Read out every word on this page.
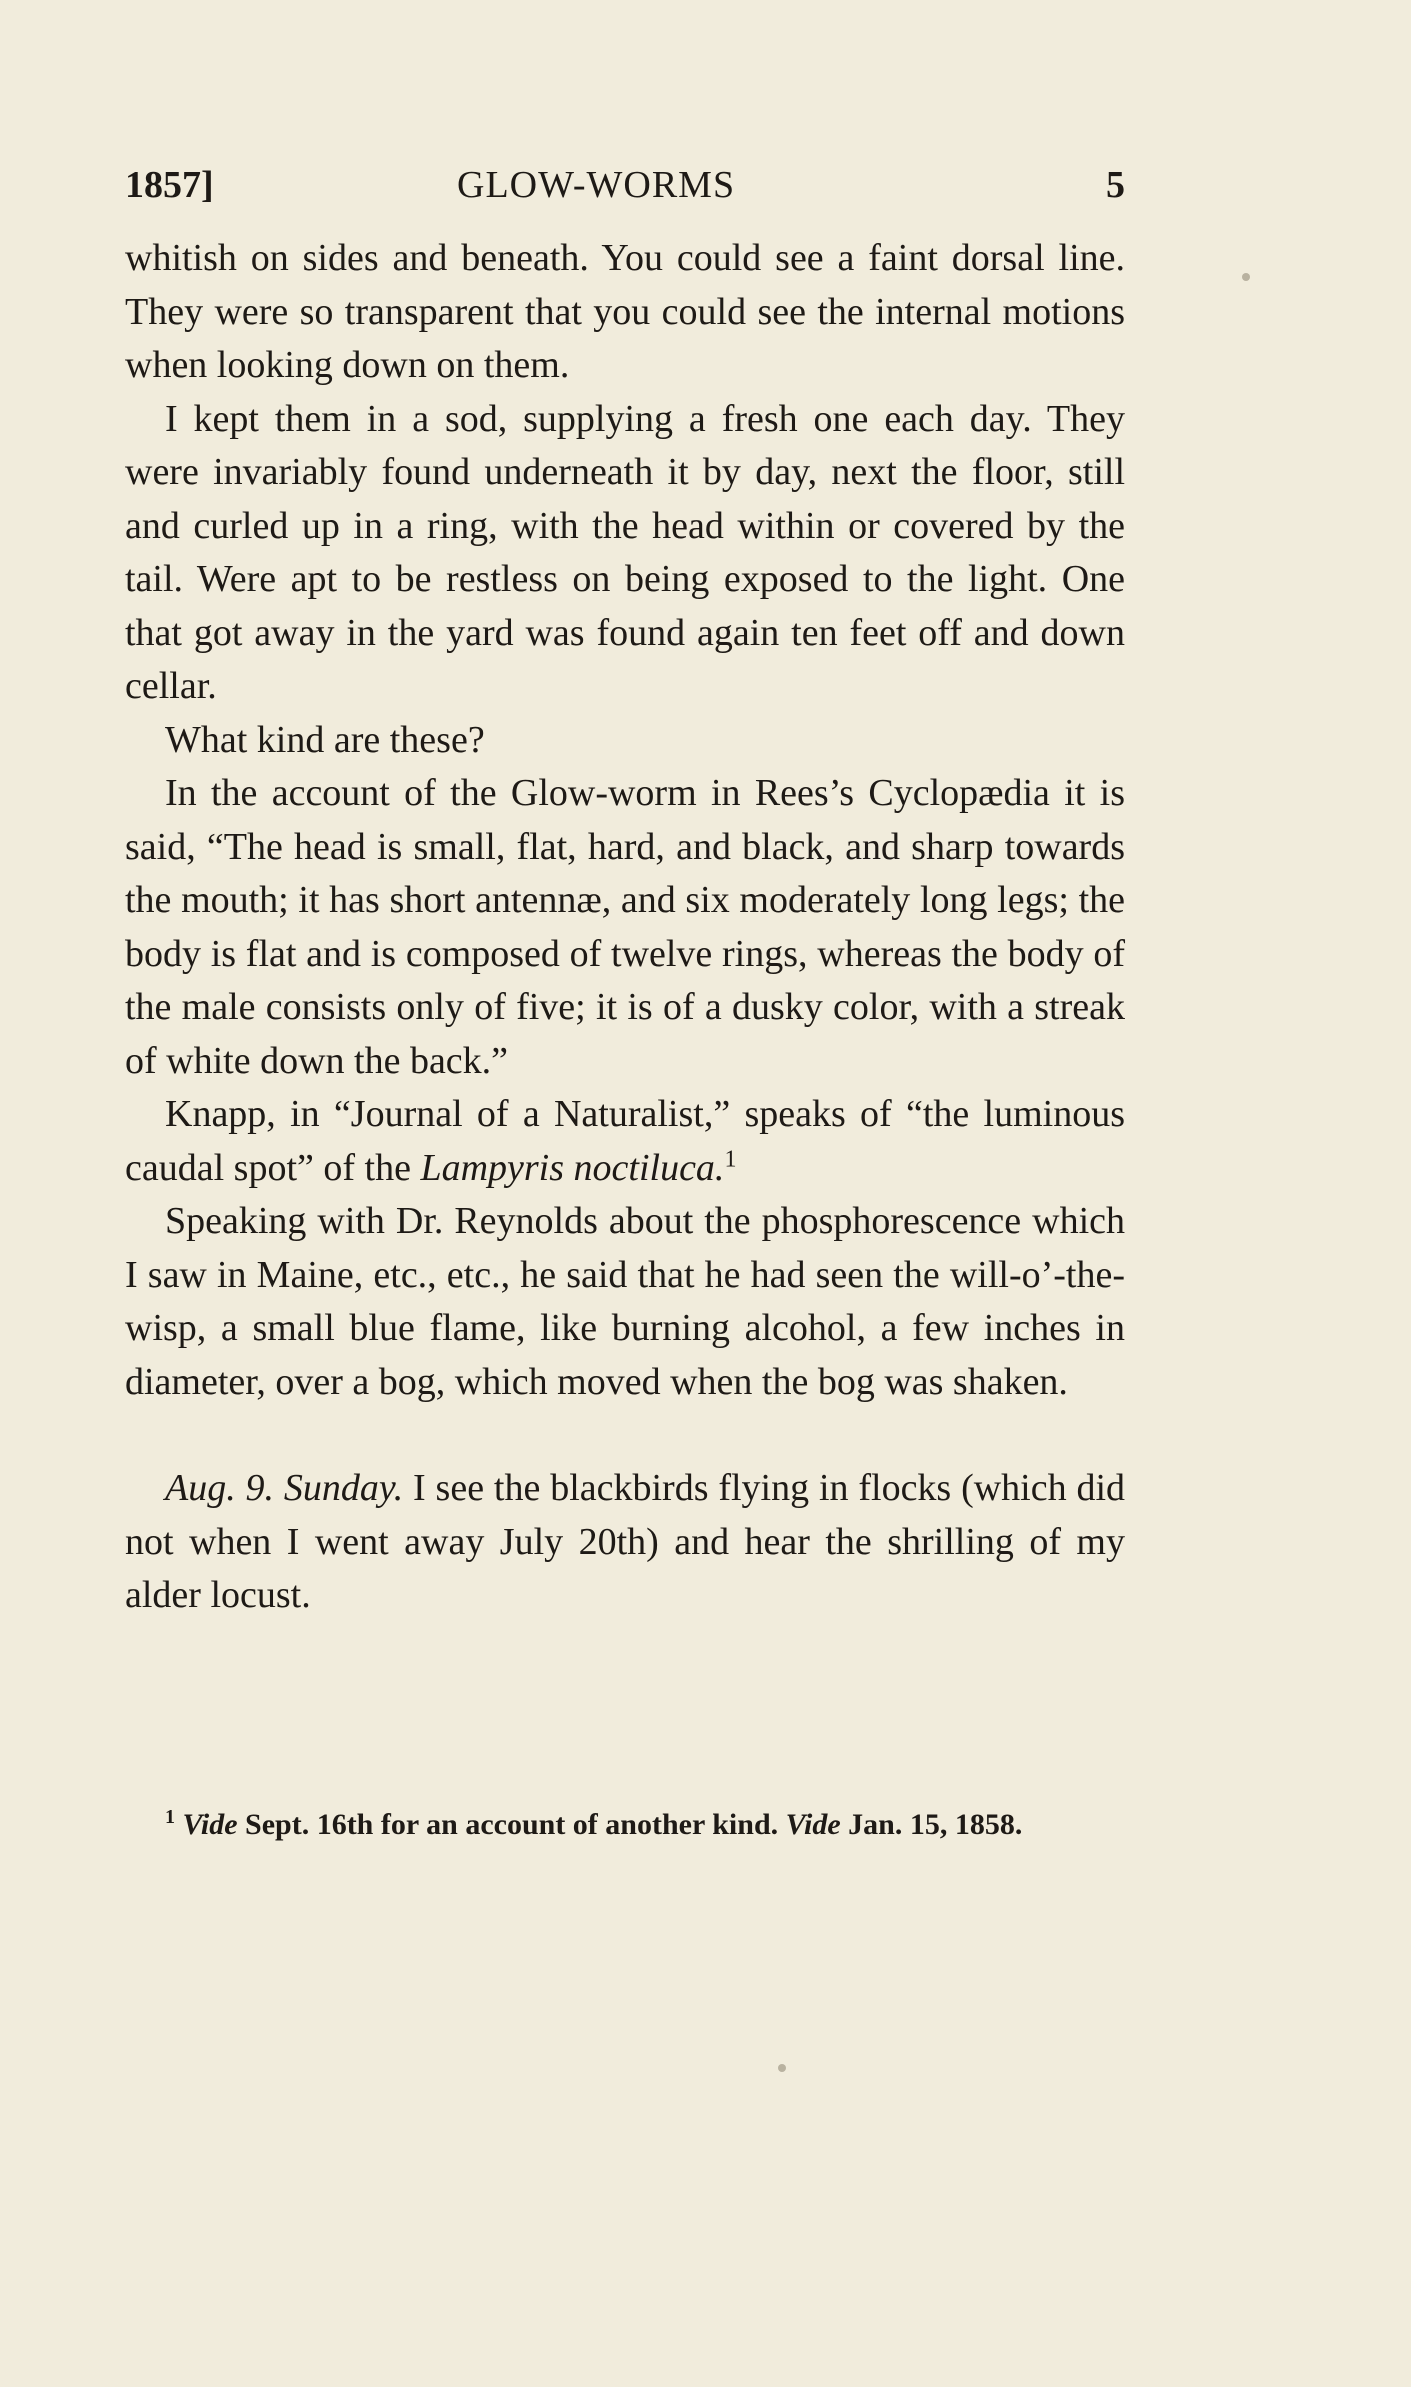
1857]	GLOW-WORMS	5

whitish on sides and beneath. You could see a faint dorsal line. They were so transparent that you could see the internal motions when looking down on them.

I kept them in a sod, supplying a fresh one each day. They were invariably found underneath it by day, next the floor, still and curled up in a ring, with the head within or covered by the tail. Were apt to be restless on being exposed to the light. One that got away in the yard was found again ten feet off and down cellar.

What kind are these?

In the account of the Glow-worm in Rees’s Cyclopædia it is said, “The head is small, flat, hard, and black, and sharp towards the mouth; it has short antennæ, and six moderately long legs; the body is flat and is composed of twelve rings, whereas the body of the male consists only of five; it is of a dusky color, with a streak of white down the back.”

Knapp, in “Journal of a Naturalist,” speaks of “the luminous caudal spot” of the Lampyris noctiluca.$^1$

Speaking with Dr. Reynolds about the phosphorescence which I saw in Maine, etc., etc., he said that he had seen the will-o’-the-wisp, a small blue flame, like burning alcohol, a few inches in diameter, over a bog, which moved when the bog was shaken.

Aug. 9. Sunday. I see the blackbirds flying in flocks (which did not when I went away July 20th) and hear the shrilling of my alder locust.

$^1$ Vide Sept. 16th for an account of another kind. Vide Jan. 15, 1858.
